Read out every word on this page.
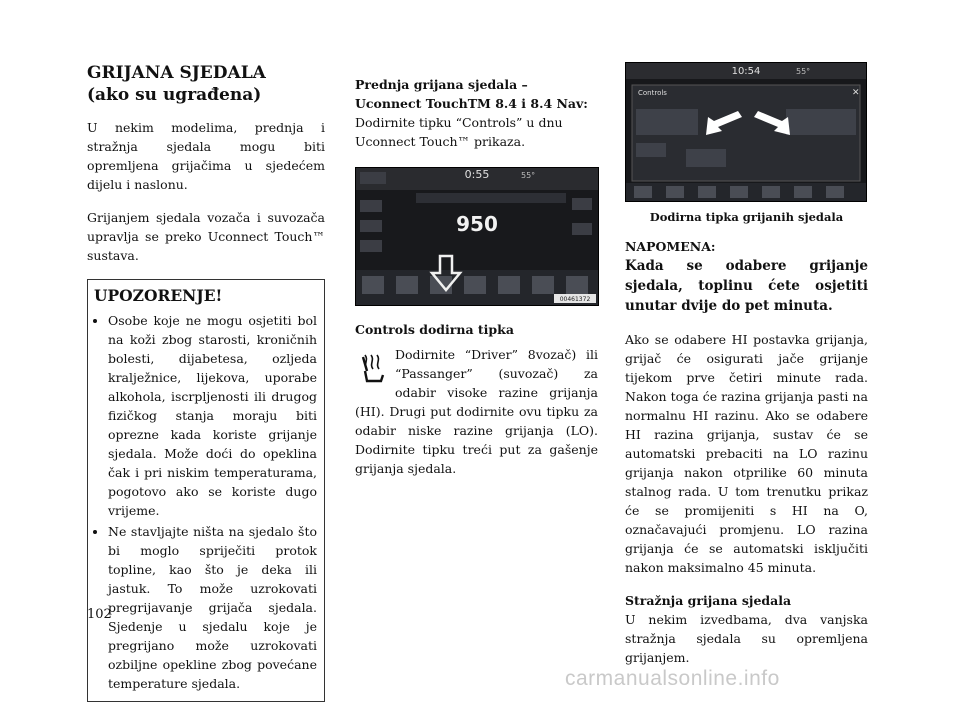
GRIJANA SJEDALA
(ako su ugrađena)

U nekim modelima, prednja i stražnja sjedala mogu biti opremljena grijačima u sjedećem dijelu i naslonu.

Grijanjem sjedala vozača i suvozača upravlja se preko Uconnect Touch™ sustava.

UPOZORENJE!
• Osobe koje ne mogu osjetiti bol na koži zbog starosti, kroničnih bolesti, dijabetesa, ozljeda kralježnice, lijekova, uporabe alkohola, iscrpljenosti ili drugog fizičkog stanja moraju biti oprezne kada koriste grijanje sjedala. Može doći do opeklina čak i pri niskim temperaturama, pogotovo ako se koriste dugo vrijeme.
• Ne stavljajte ništa na sjedalo što bi moglo spriječiti protok topline, kao što je deka ili jastuk. To može uzrokovati pregrijavanje grijača sjedala. Sjedenje u sjedalu koje je pregrijano može uzrokovati ozbiljne opekline zbog povećane temperature sjedala.
Prednja grijana sjedala – Uconnect TouchTM 8.4 i 8.4 Nav:
Dodirnite tipku “Controls” u dnu Uconnect Touch™ prikaza.
0:55	55°
950
00461372
Controls dodirna tipka

Dodirnite “Driver” 8vozač) ili “Passanger” (suvozač) za odabir visoke razine grijanja (HI). Drugi put dodirnite ovu tipku za odabir niske razine grijanja (LO). Dodirnite tipku treći put za gašenje grijanja sjedala.

10:54	55°
Controls	✕
Dodirna tipka grijanih sjedala
NAPOMENA:

Kada se odabere grijanje sjedala, toplinu ćete osjetiti unutar dvije do pet minuta.

Ako se odabere HI postavka grijanja, grijač će osigurati jače grijanje tijekom prve četiri minute rada. Nakon toga će razina grijanja pasti na normalnu HI razinu. Ako se odabere HI razina grijanja, sustav će se automatski prebaciti na LO razinu grijanja nakon otprilike 60 minuta stalnog rada. U tom trenutku prikaz će se promijeniti s HI na O, označavajući promjenu. LO razina grijanja će se automatski isključiti nakon maksimalno 45 minuta.

Stražnja grijana sjedala

U nekim izvedbama, dva vanjska stražnja sjedala su opremljena grijanjem.

102
carmanualsonline.info
